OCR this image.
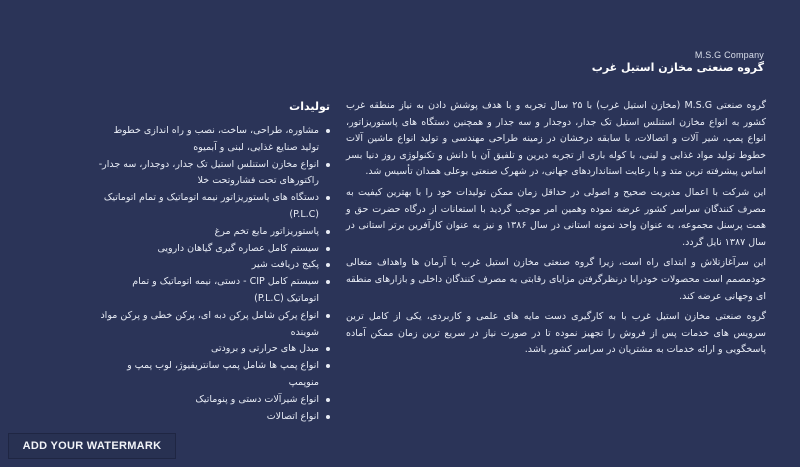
M.S.G Company
گروه صنعتی مخازن استیل غرب

گروه صنعتی M.S.G (مخازن استیل غرب) با ۲۵ سال تجربه و با هدف پوشش دادن به نیاز منطقه غرب کشور به انواع مخازن استنلس استیل تک جدار، دوجدار و سه جدار و همچنین دستگاه های پاستوریزاتور، انواع پمپ، شیر آلات و اتصالات، با سابقه درخشان در زمینه طراحی مهندسی و تولید انواع ماشین آلات خطوط تولید مواد غذایی و لبنی، با کوله باری از تجربه دیرین و تلفیق آن با دانش و تکنولوژی روز دنیا بسر اساس پیشرفته ترین متد و با رعایت استانداردهای جهانی، در شهرک صنعتی بوعلی همدان تأسیس شد.

این شرکت با اعمال مدیریت صحیح و اصولی در حداقل زمان ممکن تولیدات خود را با بهترین کیفیت به مصرف کنندگان سراسر کشور عرضه نموده وهمین امر موجب گردید با استعانات از درگاه حضرت حق و همت پرسنل مجموعه، به عنوان واحد نمونه استانی در سال ۱۳۸۶ و نیز به عنوان کارآفرین برتر استانی در سال ۱۳۸۷ نایل گردد.

این سرآغازتلاش و ابتدای راه است، زیرا گروه صنعتی مخازن استیل غرب با آرمان ها واهداف متعالی خودمصمم است محصولات خودرابا درنظرگرفتن مزایای رقابتی به مصرف کنندگان داخلی و بازارهای منطقه ای وجهانی عرضه کند.

گروه صنعتی مخازن استیل غرب با به کارگیری دست مایه های علمی و کاربردی، یکی از کامل ترین سرویس های خدمات پس از فروش را تجهیز نموده تا در صورت نیاز در سریع ترین زمان ممکن آماده پاسخگویی و ارائه خدمات به مشتریان در سراسر کشور باشد.

تولیدات
مشاوره، طراحی، ساخت، نصب و راه اندازی خطوط تولید صنایع غذایی، لبنی و آبمیوه
انواع مخازن استنلس استیل تک جدار، دوجدار، سه جدار-راکتورهای تحت فشاروتحت خلا
دستگاه های پاستوریزاتور نیمه اتوماتیک و تمام اتوماتیک (P.L.C)
پاستوریزاتور مایع تخم مرغ
سیستم کامل عصاره گیری گیاهان دارویی
پکیج دریافت شیر
سیستم کامل CIP - دستی، نیمه اتوماتیک و تمام اتوماتیک (P.L.C)
انواع پرکن شامل پرکن دبه ای، پرکن خطی و پرکن مواد شوینده
مبدل های حرارتی و برودتی
انواع پمپ ها شامل پمپ سانتریفیوژ، لوب پمپ و منوپمپ
انواع شیرآلات دستی و پنوماتیک
انواع اتصالات
ADD YOUR WATERMARK
